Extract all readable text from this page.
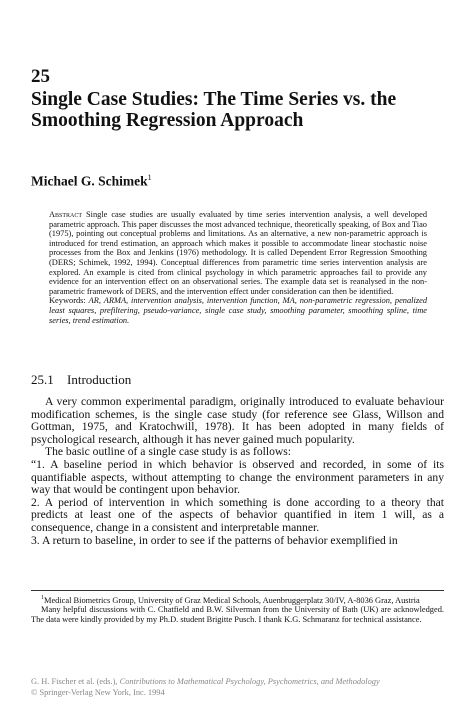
25
Single Case Studies: The Time Series vs. the Smoothing Regression Approach
Michael G. Schimek$^1$
Abstract Single case studies are usually evaluated by time series intervention analysis, a well developed parametric approach. This paper discusses the most advanced technique, theoretically speaking, of Box and Tiao (1975), pointing out conceptual problems and limitations. As an alternative, a new non-parametric approach is introduced for trend estimation, an approach which makes it possible to accommodate linear stochastic noise processes from the Box and Jenkins (1976) methodology. It is called Dependent Error Regression Smoothing (DERS; Schimek, 1992, 1994). Conceptual differences from parametric time series intervention analysis are explored. An example is cited from clinical psychology in which parametric approaches fail to provide any evidence for an intervention effect on an observational series. The example data set is reanalysed in the non-parametric framework of DERS, and the intervention effect under consideration can then be identified.
Keywords: AR, ARMA, intervention analysis, intervention function, MA, non-parametric regression, penalized least squares, prefiltering, pseudo-variance, single case study, smoothing parameter, smoothing spline, time series, trend estimation.
25.1 Introduction

A very common experimental paradigm, originally introduced to evaluate behaviour modification schemes, is the single case study (for reference see Glass, Willson and Gottman, 1975, and Kratochwill, 1978). It has been adopted in many fields of psychological research, although it has never gained much popularity.

The basic outline of a single case study is as follows:

“1. A baseline period in which behavior is observed and recorded, in some of its quantifiable aspects, without attempting to change the environment parameters in any way that would be contingent upon behavior.

2. A period of intervention in which something is done according to a theory that predicts at least one of the aspects of behavior quantified in item 1 will, as a consequence, change in a consistent and interpretable manner.

3. A return to baseline, in order to see if the patterns of behavior exemplified in

$^1$Medical Biometrics Group, University of Graz Medical Schools, Auenbruggerplatz 30/IV, A-8036 Graz, Austria

Many helpful discussions with C. Chatfield and B.W. Silverman from the University of Bath (UK) are acknowledged. The data were kindly provided by my Ph.D. student Brigitte Pusch. I thank K.G. Schmaranz for technical assistance.

G. H. Fischer et al. (eds.), Contributions to Mathematical Psychology, Psychometrics, and Methodology
© Springer-Verlag New York, Inc. 1994
